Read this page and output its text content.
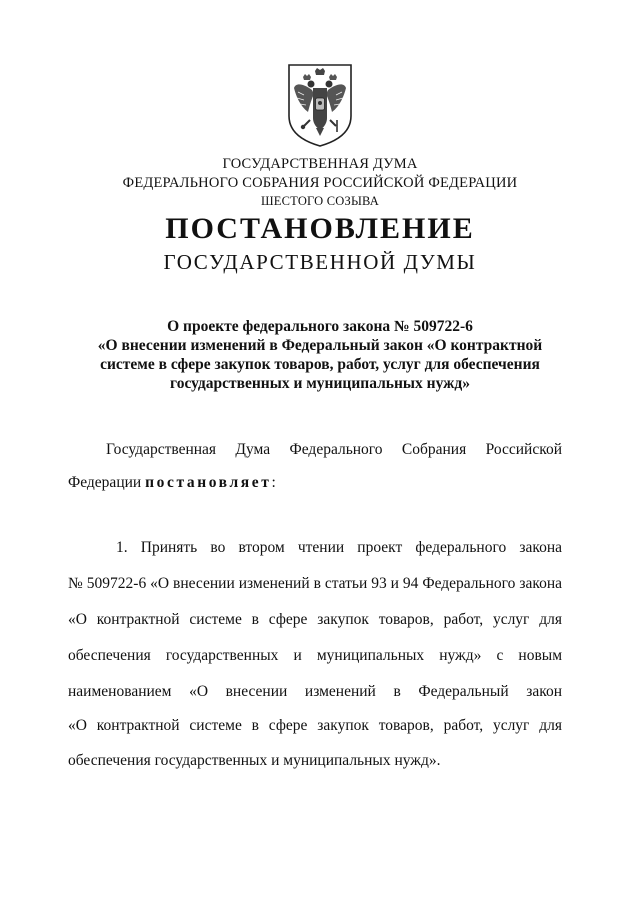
ГОСУДАРСТВЕННАЯ ДУМА
ФЕДЕРАЛЬНОГО СОБРАНИЯ РОССИЙСКОЙ ФЕДЕРАЦИИ
ШЕСТОГО СОЗЫВА
ПОСТАНОВЛЕНИЕ
ГОСУДАРСТВЕННОЙ ДУМЫ
О проекте федерального закона № 509722-6
«О внесении изменений в Федеральный закон «О контрактной
системе в сфере закупок товаров, работ, услуг для обеспечения
государственных и муниципальных нужд»
Государственная Дума Федерального Собрания Российской
Федерации постановляет:
1. Принять во втором чтении проект федерального закона
№ 509722-6 «О внесении изменений в статьи 93 и 94 Федерального закона
«О контрактной системе в сфере закупок товаров, работ, услуг для
обеспечения государственных и муниципальных нужд» с новым
наименованием «О внесении изменений в Федеральный закон
«О контрактной системе в сфере закупок товаров, работ, услуг для
обеспечения государственных и муниципальных нужд».
